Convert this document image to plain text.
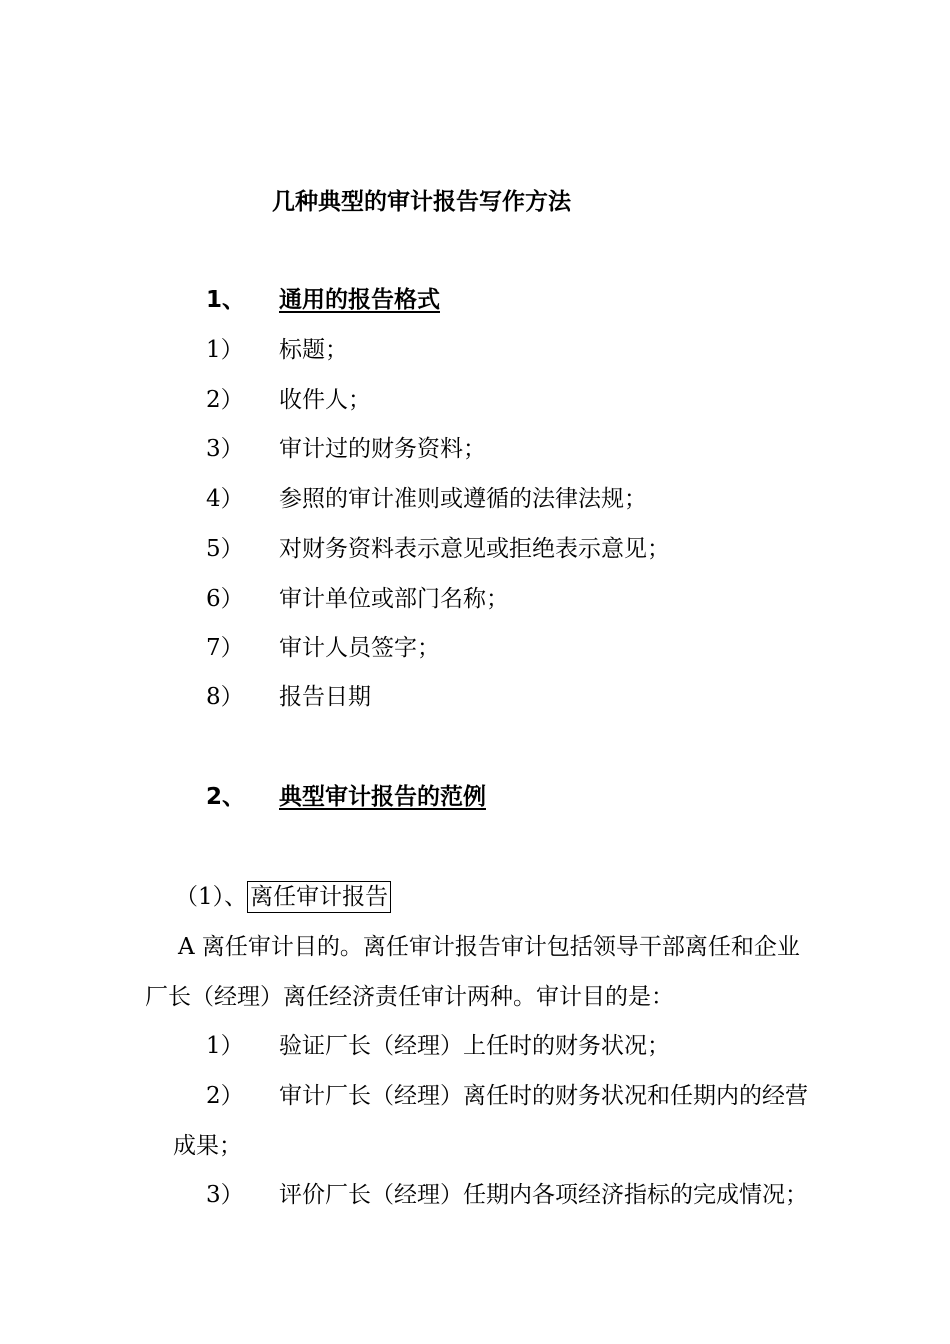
几种典型的审计报告写作方法
1、 通用的报告格式
1） 标题；
2） 收件人；
3） 审计过的财务资料；
4） 参照的审计准则或遵循的法律法规；
5） 对财务资料表示意见或拒绝表示意见；
6） 审计单位或部门名称；
7） 审计人员签字；
8） 报告日期
2、 典型审计报告的范例
（1）、 离任审计报告
A 离任审计目的。离任审计报告审计包括领导干部离任和企业
厂长（经理）离任经济责任审计两种。审计目的是：
1） 验证厂长（经理）上任时的财务状况；
2） 审计厂长（经理）离任时的财务状况和任期内的经营
成果；
3） 评价厂长（经理）任期内各项经济指标的完成情况；
